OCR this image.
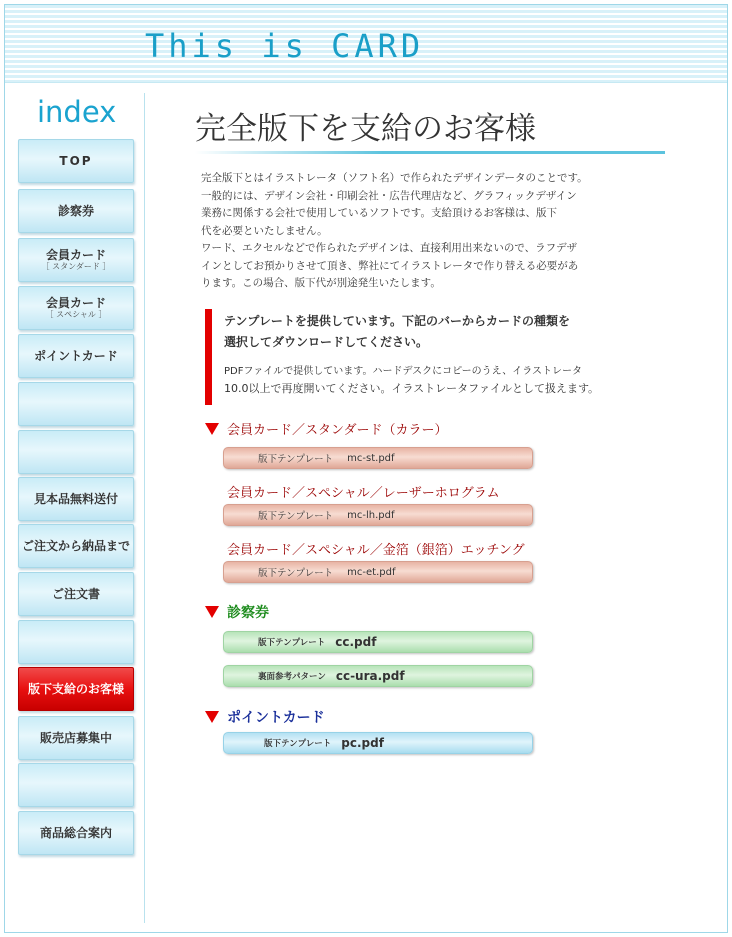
This is CARD
index
TOP
診察券
会員カード
［ スタンダード ］
会員カード
［ スペシャル ］
ポイントカード
見本品無料送付
ご注文から納品まで
ご注文書
版下支給のお客様
販売店募集中
商品総合案内
完全版下を支給のお客様

完全版下とはイラストレータ（ソフト名）で作られたデザインデータのことです。

一般的には、デザイン会社・印刷会社・広告代理店など、グラフィックデザイン

業務に関係する会社で使用しているソフトです。支給頂けるお客様は、版下

代を必要といたしません。

ワード、エクセルなどで作られたデザインは、直接利用出来ないので、ラフデザ

インとしてお預かりさせて頂き、弊社にてイラストレータで作り替える必要があ

ります。この場合、版下代が別途発生いたします。

テンプレートを提供しています。下記のバーからカードの種類を
選択してダウンロードしてください。
PDFファイルで提供しています。ハードデスクにコピーのうえ、イラストレータ
10.0以上で再度開いてください。イラストレータファイルとして扱えます。
会員カード／スタンダード（カラー）
版下テンプレート mc-st.pdf
会員カード／スペシャル／レーザーホログラム
版下テンプレート mc-lh.pdf
会員カード／スペシャル／金箔（銀箔）エッチング
版下テンプレート mc-et.pdf
診察券
版下テンプレート cc.pdf
裏面参考パターン cc-ura.pdf
ポイントカード
版下テンプレート pc.pdf
